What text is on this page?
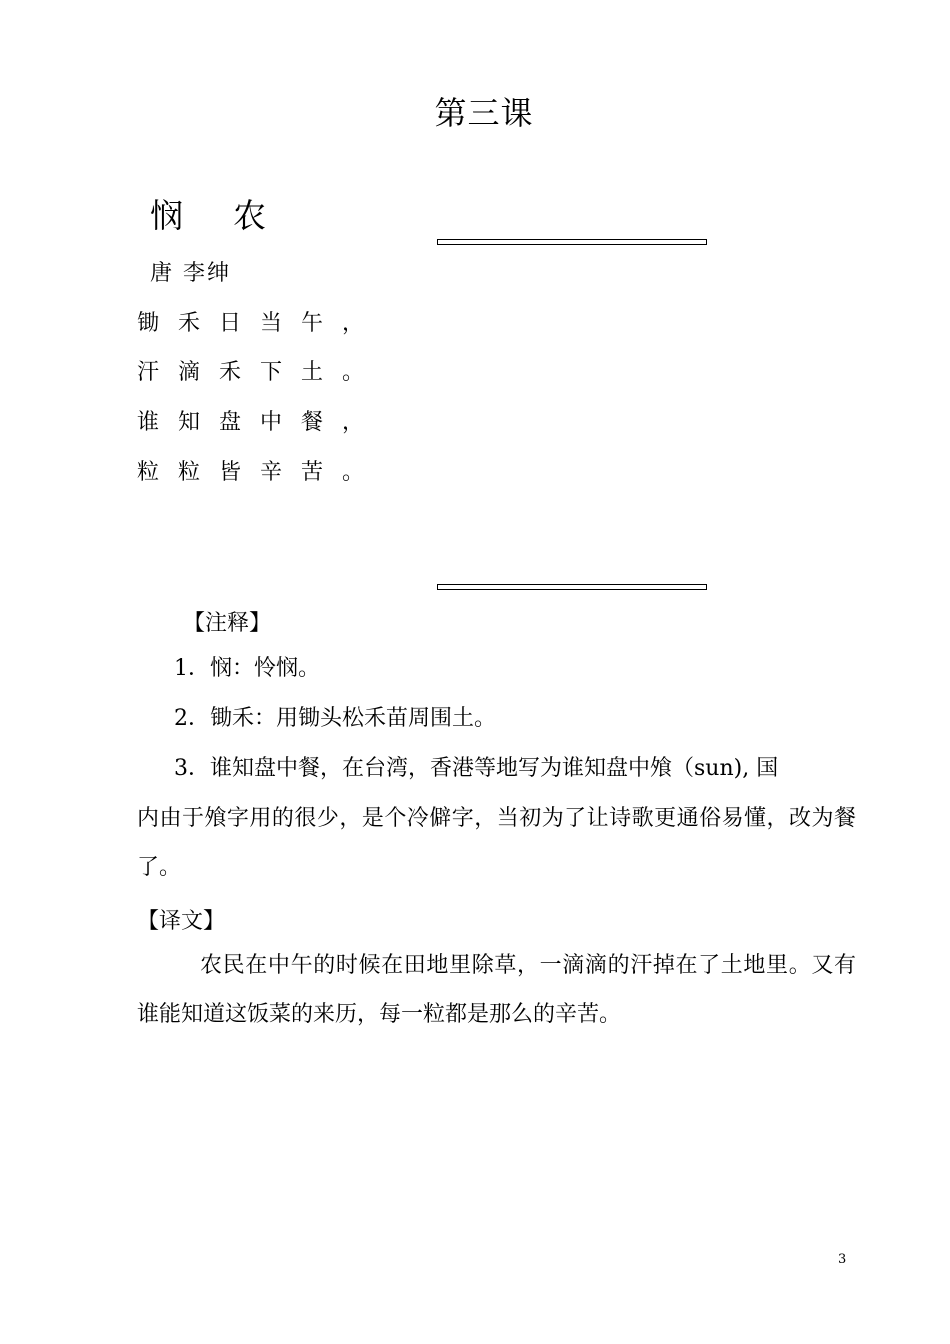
第三课
悯农
唐 李绅
锄禾日当午，
汗滴禾下土。
谁知盘中餐，
粒粒皆辛苦。
【注释】
1．悯：怜悯。
2．锄禾：用锄头松禾苗周围土。
3．谁知盘中餐，在台湾，香港等地写为谁知盘中飧（sun), 国
内由于飧字用的很少，是个冷僻字，当初为了让诗歌更通俗易懂，改为餐了。
【译文】
农民在中午的时候在田地里除草，一滴滴的汗掉在了土地里。又有谁能知道这饭菜的来历，每一粒都是那么的辛苦。
3
